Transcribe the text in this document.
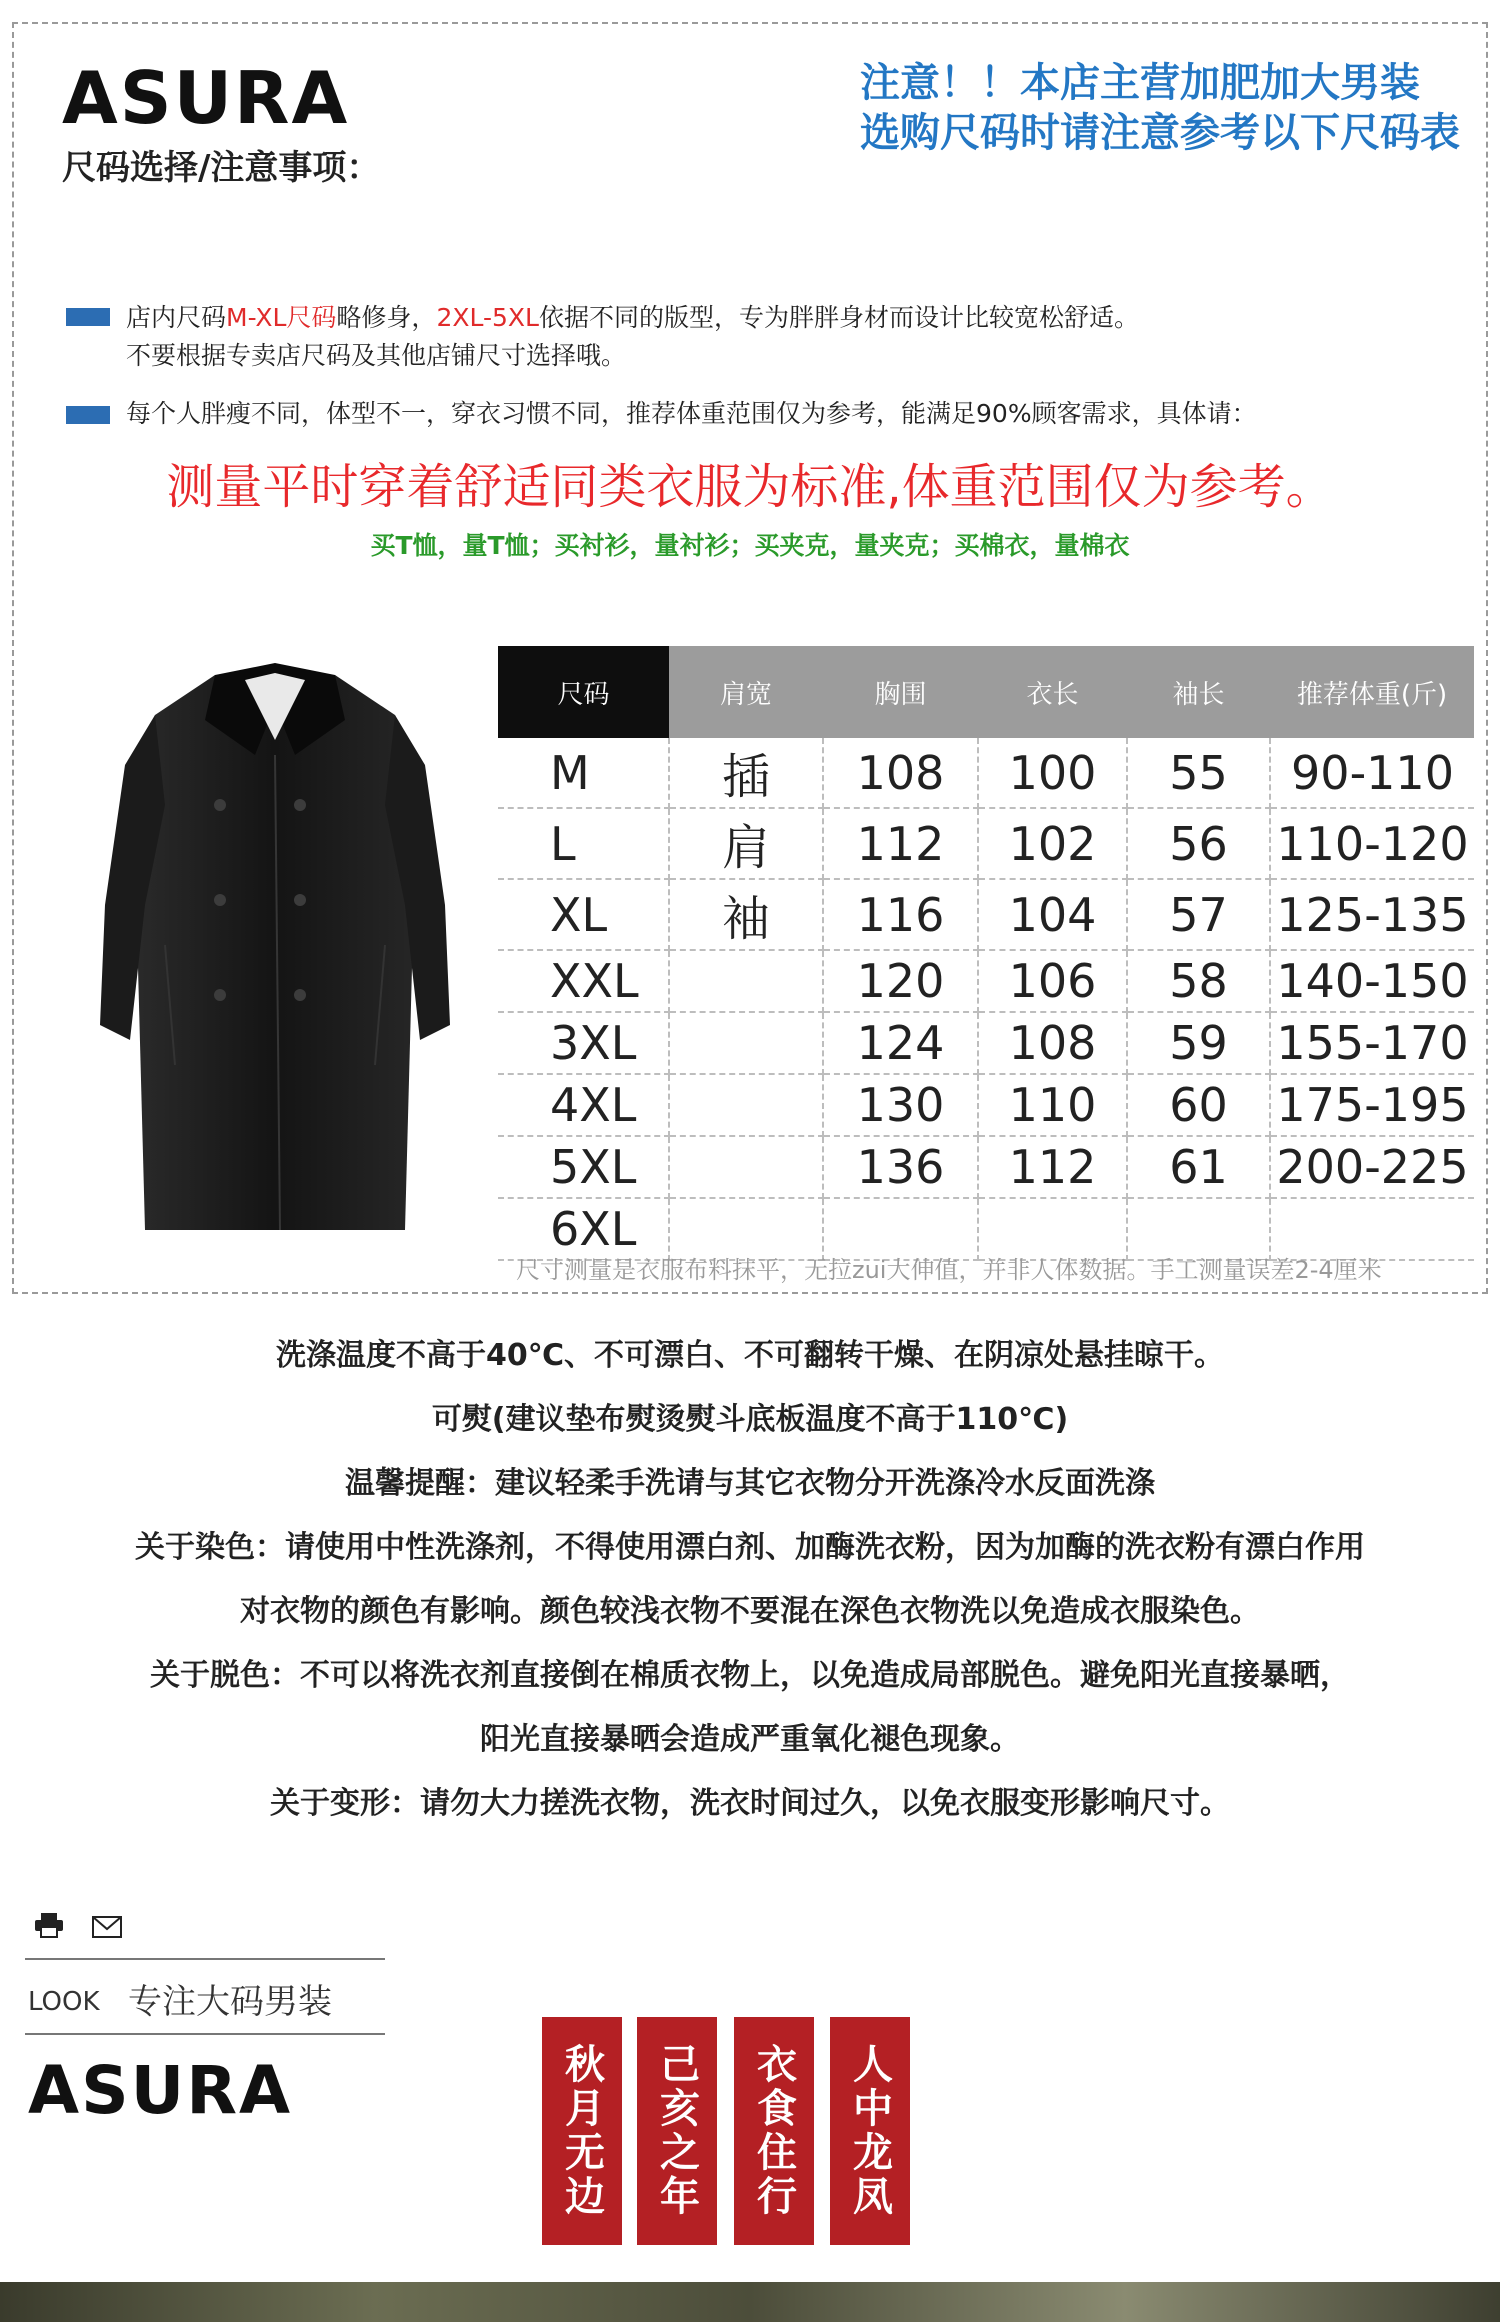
ASURA
尺码选择/注意事项：
注意！！本店主营加肥加大男装
选购尺码时请注意参考以下尺码表
店内尺码M-XL尺码略修身，2XL-5XL依据不同的版型，专为胖胖身材而设计比较宽松舒适。
不要根据专卖店尺码及其他店铺尺寸选择哦。
每个人胖瘦不同，体型不一，穿衣习惯不同，推荐体重范围仅为参考，能满足90%顾客需求，具体请：
测量平时穿着舒适同类衣服为标准,体重范围仅为参考。
买T恤，量T恤；买衬衫，量衬衫；买夹克，量夹克；买棉衣，量棉衣
尺码	肩宽	胸围	衣长	袖长	推荐体重(斤)
M	插	108	100	55	90-110
L	肩	112	102	56	110-120
XL	袖	116	104	57	125-135
XXL		120	106	58	140-150
3XL		124	108	59	155-170
4XL		130	110	60	175-195
5XL		136	112	61	200-225
6XL					
尺寸测量是衣服布料抹平，无拉zui大伸值，并非人体数据。手工测量误差2-4厘米
洗涤温度不高于40℃、不可漂白、不可翻转干燥、在阴凉处悬挂晾干。
可熨(建议垫布熨烫熨斗底板温度不高于110℃)
温馨提醒：建议轻柔手洗请与其它衣物分开洗涤冷水反面洗涤
关于染色：请使用中性洗涤剂，不得使用漂白剂、加酶洗衣粉，因为加酶的洗衣粉有漂白作用
对衣物的颜色有影响。颜色较浅衣物不要混在深色衣物洗以免造成衣服染色。
关于脱色：不可以将洗衣剂直接倒在棉质衣物上，以免造成局部脱色。避免阳光直接暴晒，
阳光直接暴晒会造成严重氧化褪色现象。
关于变形：请勿大力搓洗衣物，洗衣时间过久，以免衣服变形影响尺寸。
LOOK 专注大码男装
ASURA	秋月无边	己亥之年	衣食住行	人中龙凤
